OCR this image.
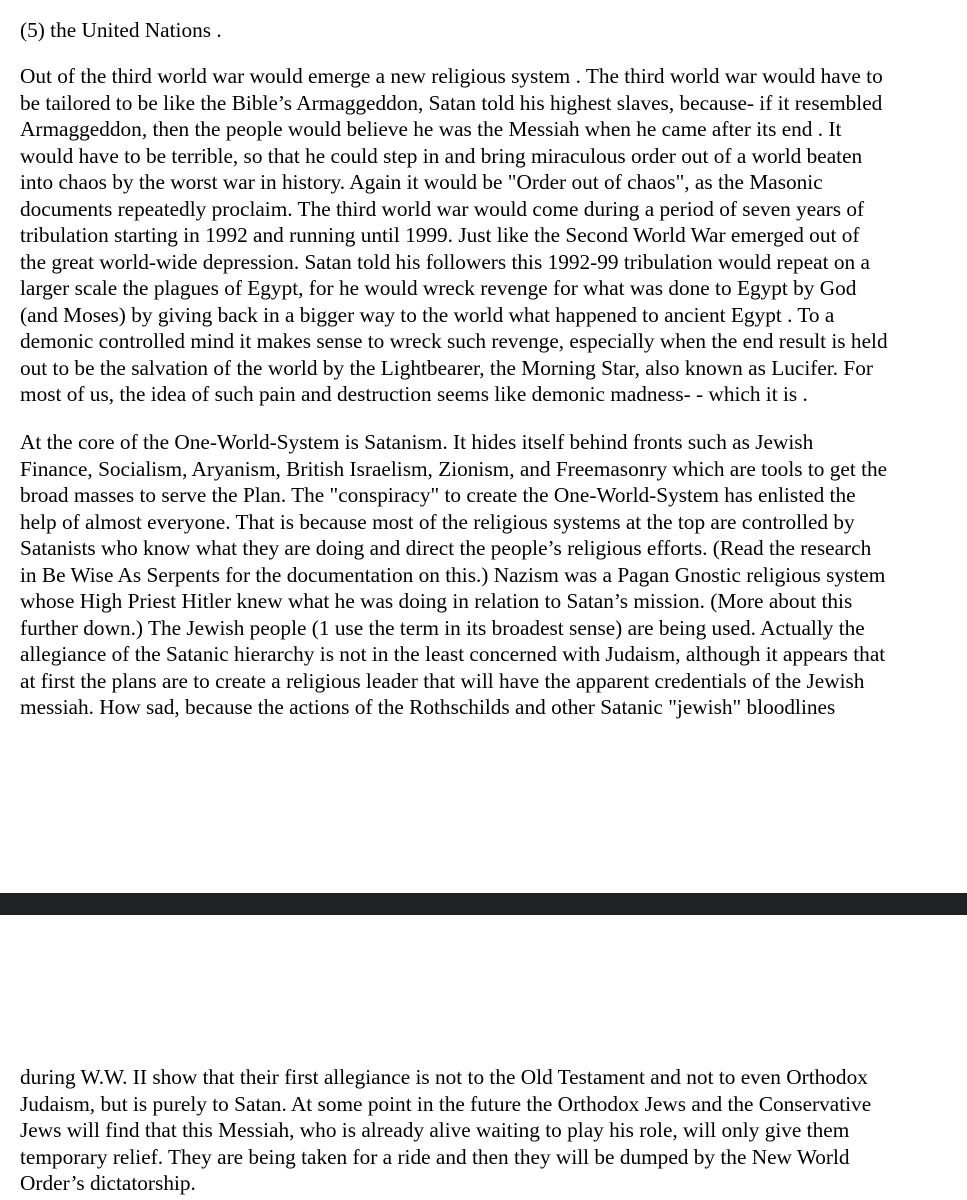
(5) the United Nations .
Out of the third world war would emerge a new religious system . The third world war would have to
be tailored to be like the Bible’s Armaggeddon, Satan told his highest slaves, because- if it resembled
Armaggeddon, then the people would believe he was the Messiah when he came after its end . It
would have to be terrible, so that he could step in and bring miraculous order out of a world beaten
into chaos by the worst war in history. Again it would be "Order out of chaos", as the Masonic
documents repeatedly proclaim. The third world war would come during a period of seven years of
tribulation starting in 1992 and running until 1999. Just like the Second World War emerged out of
the great world-wide depression. Satan told his followers this 1992-99 tribulation would repeat on a
larger scale the plagues of Egypt, for he would wreck revenge for what was done to Egypt by God
(and Moses) by giving back in a bigger way to the world what happened to ancient Egypt . To a
demonic controlled mind it makes sense to wreck such revenge, especially when the end result is held
out to be the salvation of the world by the Lightbearer, the Morning Star, also known as Lucifer. For
most of us, the idea of such pain and destruction seems like demonic madness- - which it is .
At the core of the One-World-System is Satanism. It hides itself behind fronts such as Jewish
Finance, Socialism, Aryanism, British Israelism, Zionism, and Freemasonry which are tools to get the
broad masses to serve the Plan. The "conspiracy" to create the One-World-System has enlisted the
help of almost everyone. That is because most of the religious systems at the top are controlled by
Satanists who know what they are doing and direct the people’s religious efforts. (Read the research
in Be Wise As Serpents for the documentation on this.) Nazism was a Pagan Gnostic religious system
whose High Priest Hitler knew what he was doing in relation to Satan’s mission. (More about this
further down.) The Jewish people (1 use the term in its broadest sense) are being used. Actually the
allegiance of the Satanic hierarchy is not in the least concerned with Judaism, although it appears that
at first the plans are to create a religious leader that will have the apparent credentials of the Jewish
messiah. How sad, because the actions of the Rothschilds and other Satanic "jewish" bloodlines
during W.W. II show that their first allegiance is not to the Old Testament and not to even Orthodox
Judaism, but is purely to Satan. At some point in the future the Orthodox Jews and the Conservative
Jews will find that this Messiah, who is already alive waiting to play his role, will only give them
temporary relief. They are being taken for a ride and then they will be dumped by the New World
Order’s dictatorship.
